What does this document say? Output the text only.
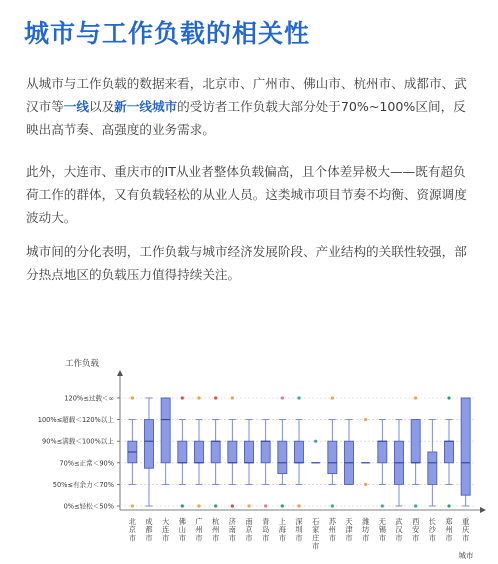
城市与工作负载的相关性
从城市与工作负载的数据来看，北京市、广州市、佛山市、杭州市、成都市、武汉市等一线以及新一线城市的受访者工作负载大部分处于70%~100%区间，反映出高节奏、高强度的业务需求。
此外，大连市、重庆市的IT从业者整体负载偏高，且个体差异极大——既有超负荷工作的群体，又有负载轻松的从业人员。这类城市项目节奏不均衡、资源调度波动大。
城市间的分化表明，工作负载与城市经济发展阶段、产业结构的关联性较强，部分热点地区的负载压力值得持续关注。
工作负载
0%≤轻松＜50%
50%≤有余力＜70%
70%≤正常＜90%
90%≤满载＜100%以上
100%≤超载＜120%以上
120%≤过载＜∞
城市
北
京
市
成
都
市
大
连
市
佛
山
市
广
州
市
杭
州
市
济
南
市
南
京
市
青
岛
市
上
海
市
深
圳
市
石
家
庄
市
苏
州
市
天
津
市
潍
坊
市
无
锡
市
武
汉
市
西
安
市
长
沙
市
郑
州
市
重
庆
市
